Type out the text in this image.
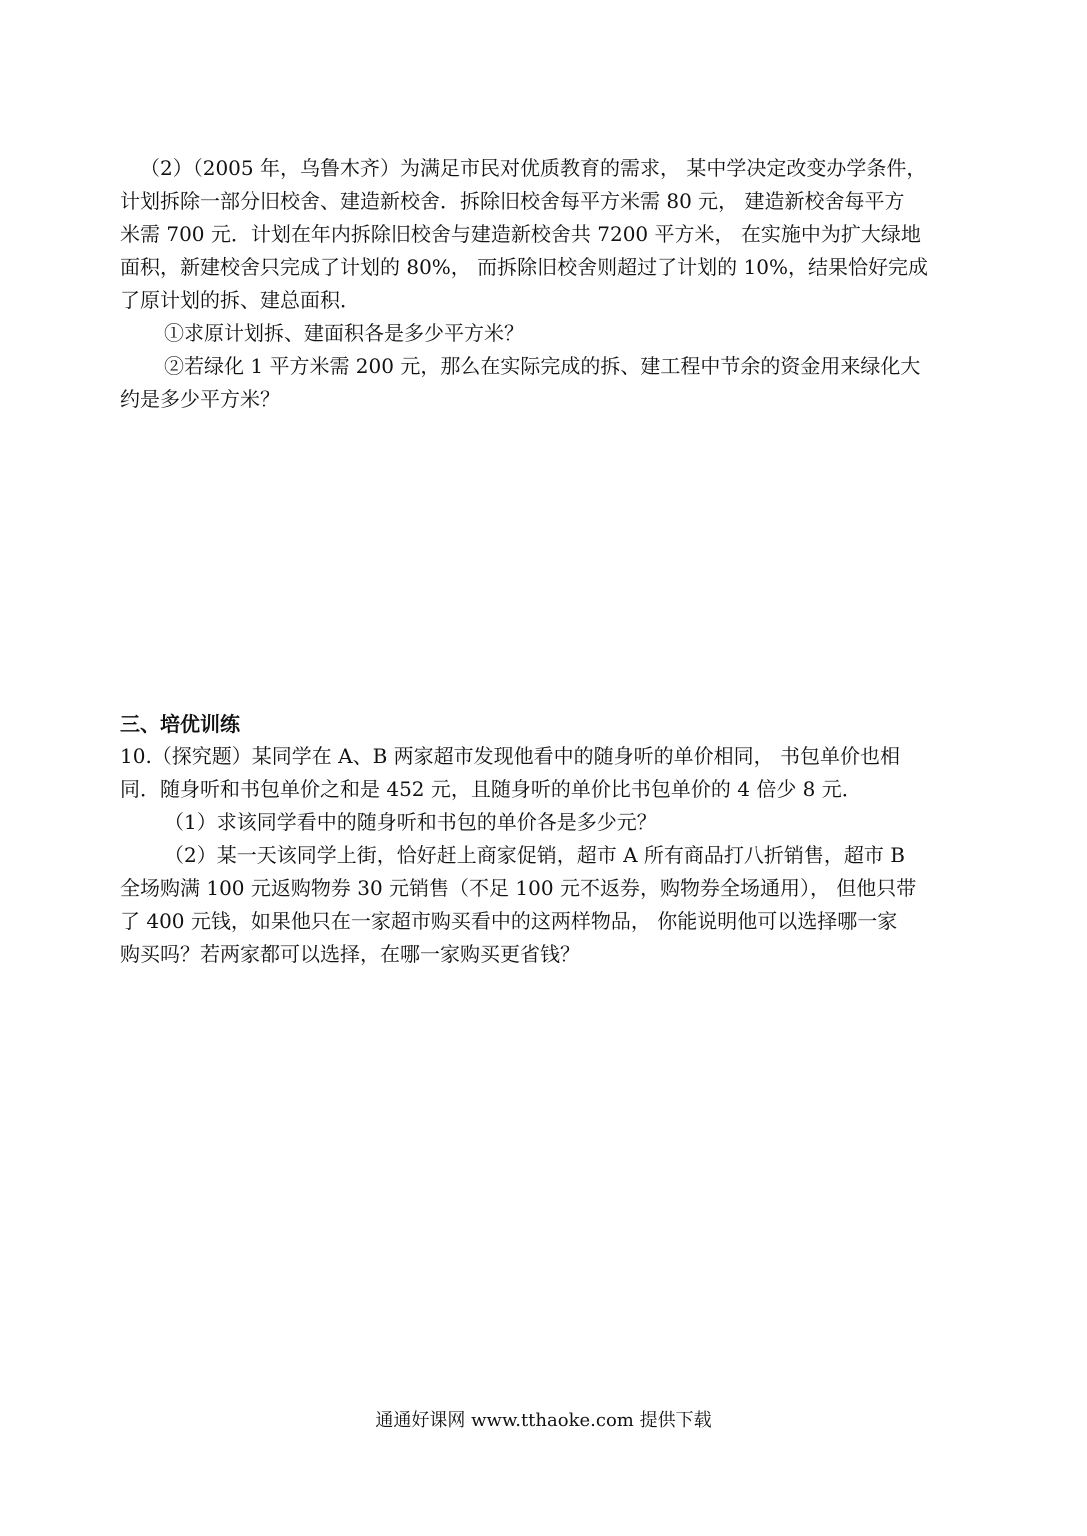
（2）（2005 年，乌鲁木齐）为满足市民对优质教育的需求， 某中学决定改变办学条件，
计划拆除一部分旧校舍、建造新校舍．拆除旧校舍每平方米需 80 元， 建造新校舍每平方
米需 700 元．计划在年内拆除旧校舍与建造新校舍共 7200 平方米， 在实施中为扩大绿地
面积，新建校舍只完成了计划的 80%， 而拆除旧校舍则超过了计划的 10%，结果恰好完成
了原计划的拆、建总面积．
①求原计划拆、建面积各是多少平方米？
②若绿化 1 平方米需 200 元，那么在实际完成的拆、建工程中节余的资金用来绿化大
约是多少平方米？
三、培优训练
10.（探究题）某同学在 A、B 两家超市发现他看中的随身听的单价相同， 书包单价也相
同．随身听和书包单价之和是 452 元，且随身听的单价比书包单价的 4 倍少 8 元．
（1）求该同学看中的随身听和书包的单价各是多少元？
（2）某一天该同学上街，恰好赶上商家促销，超市 A 所有商品打八折销售，超市 B
全场购满 100 元返购物券 30 元销售（不足 100 元不返券，购物券全场通用）， 但他只带
了 400 元钱，如果他只在一家超市购买看中的这两样物品， 你能说明他可以选择哪一家
购买吗？若两家都可以选择，在哪一家购买更省钱？
通通好课网 www.tthaoke.com 提供下载
